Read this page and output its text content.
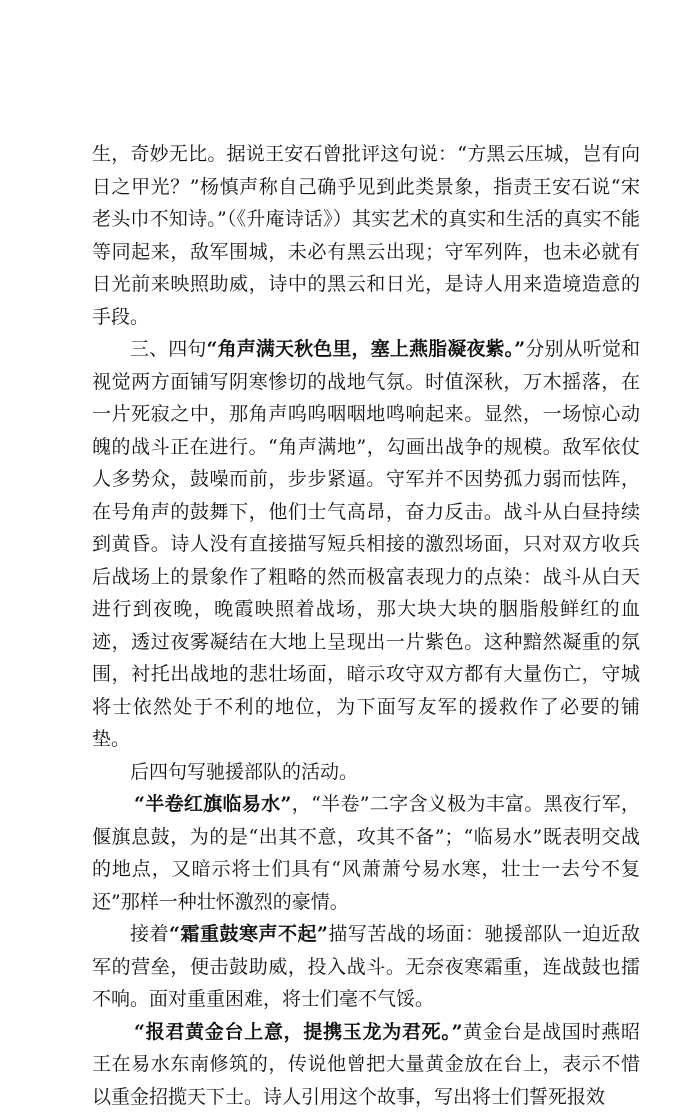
生，奇妙无比。据说王安石曾批评这句说：“方黑云压城，岂有向日之甲光？”杨慎声称自己确乎见到此类景象，指责王安石说“宋老头巾不知诗。”（《升庵诗话》）其实艺术的真实和生活的真实不能等同起来，敌军围城，未必有黑云出现；守军列阵，也未必就有日光前来映照助威，诗中的黑云和日光，是诗人用来造境造意的手段。

三、四句“角声满天秋色里，塞上燕脂凝夜紫。”分别从听觉和视觉两方面铺写阴寒惨切的战地气氛。时值深秋，万木摇落，在一片死寂之中，那角声呜呜咽咽地鸣响起来。显然，一场惊心动魄的战斗正在进行。“角声满地”，勾画出战争的规模。敌军依仗人多势众，鼓噪而前，步步紧逼。守军并不因势孤力弱而怯阵，在号角声的鼓舞下，他们士气高昂，奋力反击。战斗从白昼持续到黄昏。诗人没有直接描写短兵相接的激烈场面，只对双方收兵后战场上的景象作了粗略的然而极富表现力的点染：战斗从白天进行到夜晚，晚霞映照着战场，那大块大块的胭脂般鲜红的血迹，透过夜雾凝结在大地上呈现出一片紫色。这种黯然凝重的氛围，衬托出战地的悲壮场面，暗示攻守双方都有大量伤亡，守城将士依然处于不利的地位，为下面写友军的援救作了必要的铺垫。

后四句写驰援部队的活动。

“半卷红旗临易水”，“半卷”二字含义极为丰富。黑夜行军，偃旗息鼓，为的是“出其不意，攻其不备”；“临易水”既表明交战的地点，又暗示将士们具有“风萧萧兮易水寒，壮士一去兮不复还”那样一种壮怀激烈的豪情。

接着“霜重鼓寒声不起”描写苦战的场面：驰援部队一迫近敌军的营垒，便击鼓助威，投入战斗。无奈夜寒霜重，连战鼓也擂不响。面对重重困难，将士们毫不气馁。

“报君黄金台上意，提携玉龙为君死。”黄金台是战国时燕昭王在易水东南修筑的，传说他曾把大量黄金放在台上，表示不惜以重金招揽天下士。诗人引用这个故事，写出将士们誓死报效
